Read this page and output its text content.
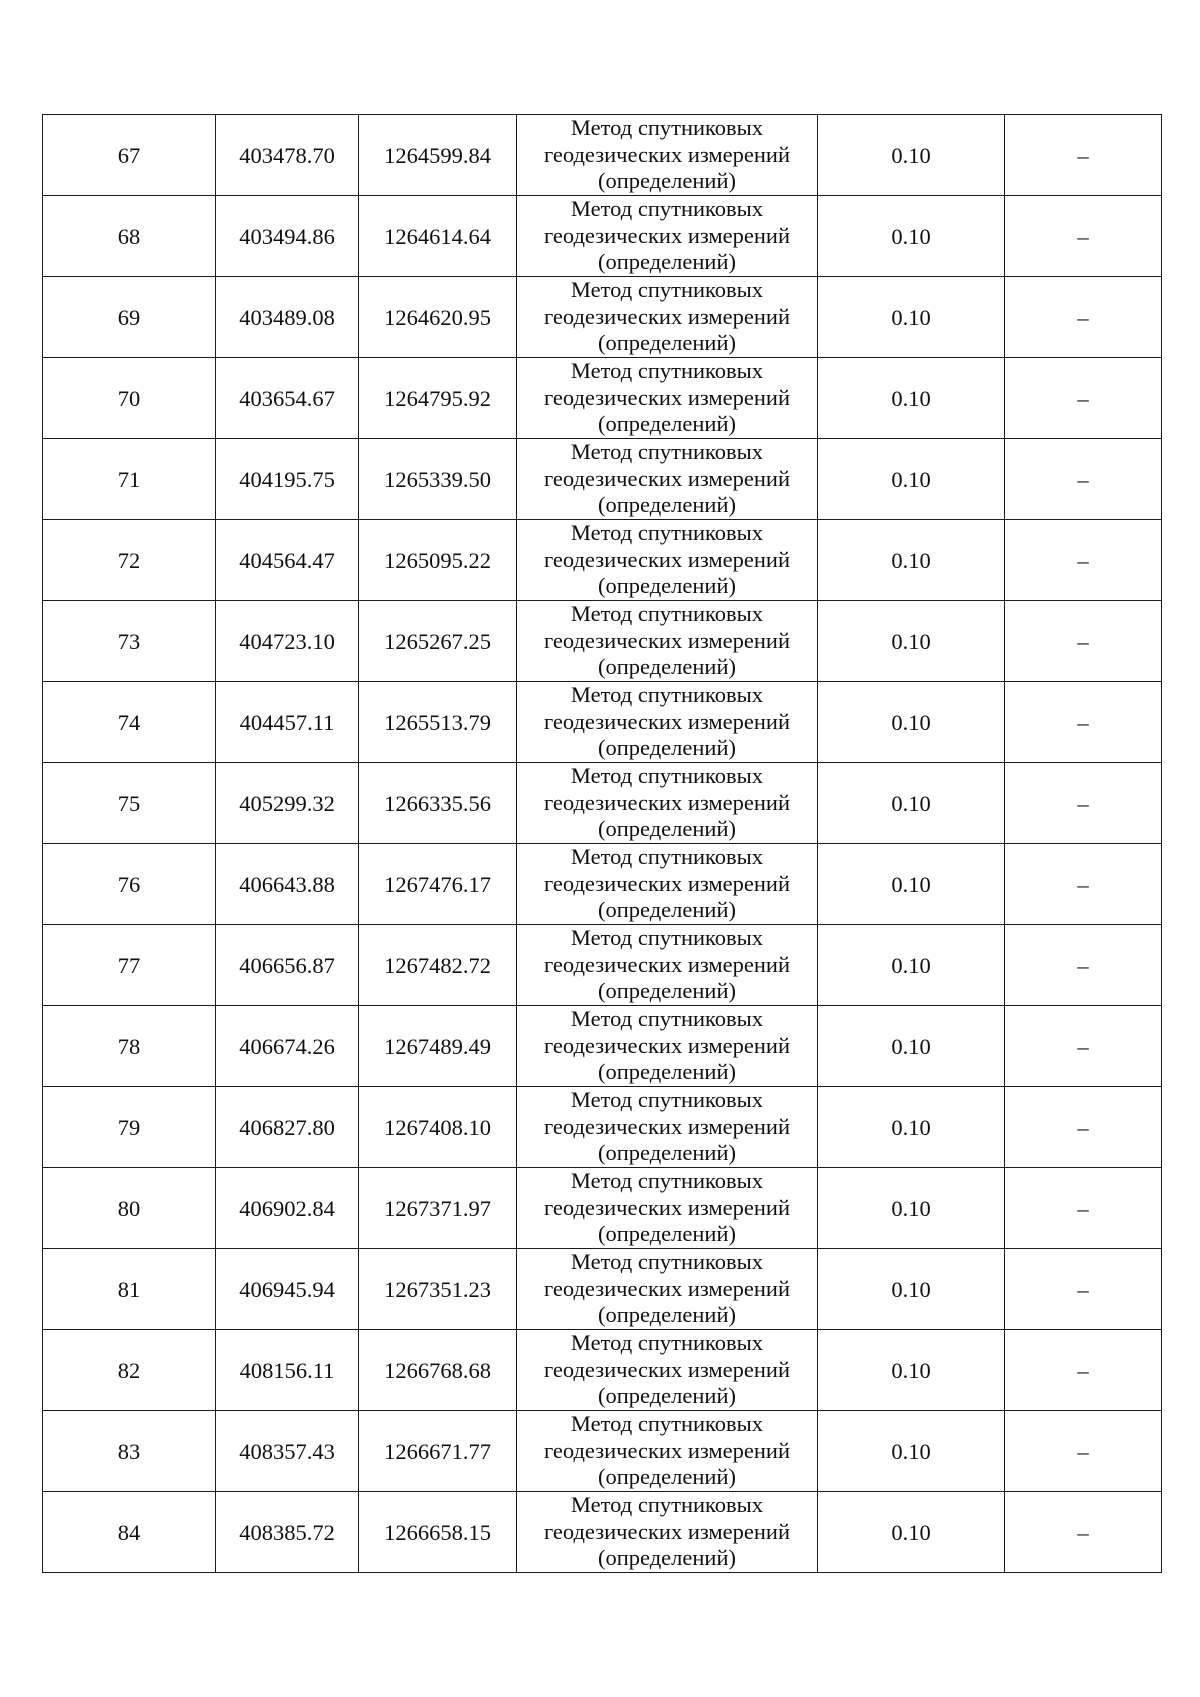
67	403478.70	1264599.84	Метод спутниковых геодезических измерений (определений)	0.10	–
68	403494.86	1264614.64	Метод спутниковых геодезических измерений (определений)	0.10	–
69	403489.08	1264620.95	Метод спутниковых геодезических измерений (определений)	0.10	–
70	403654.67	1264795.92	Метод спутниковых геодезических измерений (определений)	0.10	–
71	404195.75	1265339.50	Метод спутниковых геодезических измерений (определений)	0.10	–
72	404564.47	1265095.22	Метод спутниковых геодезических измерений (определений)	0.10	–
73	404723.10	1265267.25	Метод спутниковых геодезических измерений (определений)	0.10	–
74	404457.11	1265513.79	Метод спутниковых геодезических измерений (определений)	0.10	–
75	405299.32	1266335.56	Метод спутниковых геодезических измерений (определений)	0.10	–
76	406643.88	1267476.17	Метод спутниковых геодезических измерений (определений)	0.10	–
77	406656.87	1267482.72	Метод спутниковых геодезических измерений (определений)	0.10	–
78	406674.26	1267489.49	Метод спутниковых геодезических измерений (определений)	0.10	–
79	406827.80	1267408.10	Метод спутниковых геодезических измерений (определений)	0.10	–
80	406902.84	1267371.97	Метод спутниковых геодезических измерений (определений)	0.10	–
81	406945.94	1267351.23	Метод спутниковых геодезических измерений (определений)	0.10	–
82	408156.11	1266768.68	Метод спутниковых геодезических измерений (определений)	0.10	–
83	408357.43	1266671.77	Метод спутниковых геодезических измерений (определений)	0.10	–
84	408385.72	1266658.15	Метод спутниковых геодезических измерений (определений)	0.10	–
